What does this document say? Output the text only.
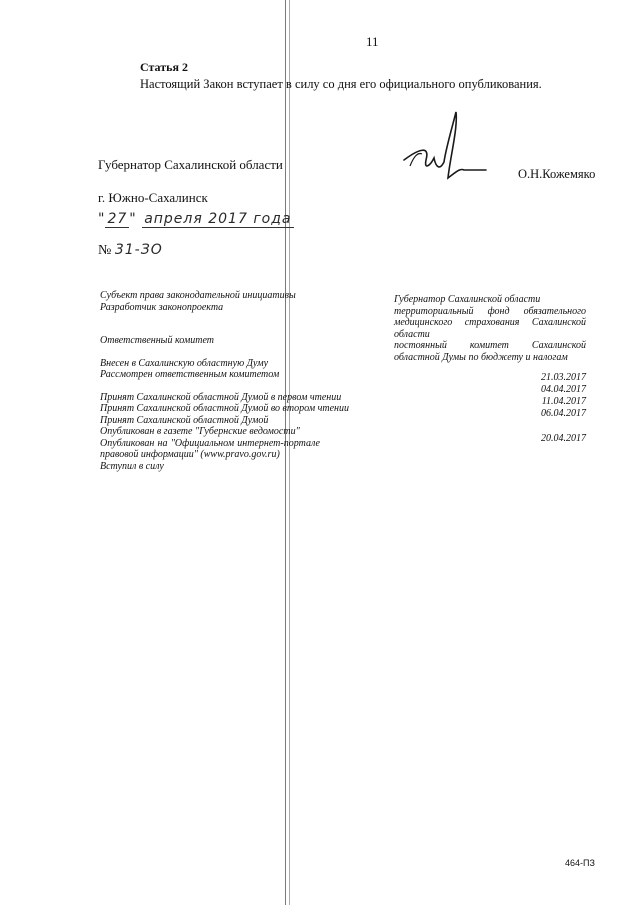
11
Статья 2
Настоящий Закон вступает в силу со дня его официального опубликования.
Губернатор Сахалинской области
г. Южно-Сахалинск
О.Н.Кожемяко
" 27 " апреля 2017 года
№ 31-ЗО

Субъект права законодательной инициативы

Разработчик законопроекта

Ответственный комитет

Внесен в Сахалинскую областную Думу

Рассмотрен ответственным комитетом

Принят Сахалинской областной Думой в первом чтении

Принят Сахалинской областной Думой во втором чтении

Принят Сахалинской областной Думой

Опубликован в газете "Губернские ведомости"

Опубликован на "Официальном интернет-портале правовой информации" (www.pravo.gov.ru)

Вступил в силу

Губернатор Сахалинской области

территориальный фонд обязательного медицинского страхования Сахалинской области

постоянный комитет Сахалинской областной Думы по бюджету и налогам

21.03.2017

04.04.2017

11.04.2017

06.04.2017

20.04.2017

464-ПЗ
